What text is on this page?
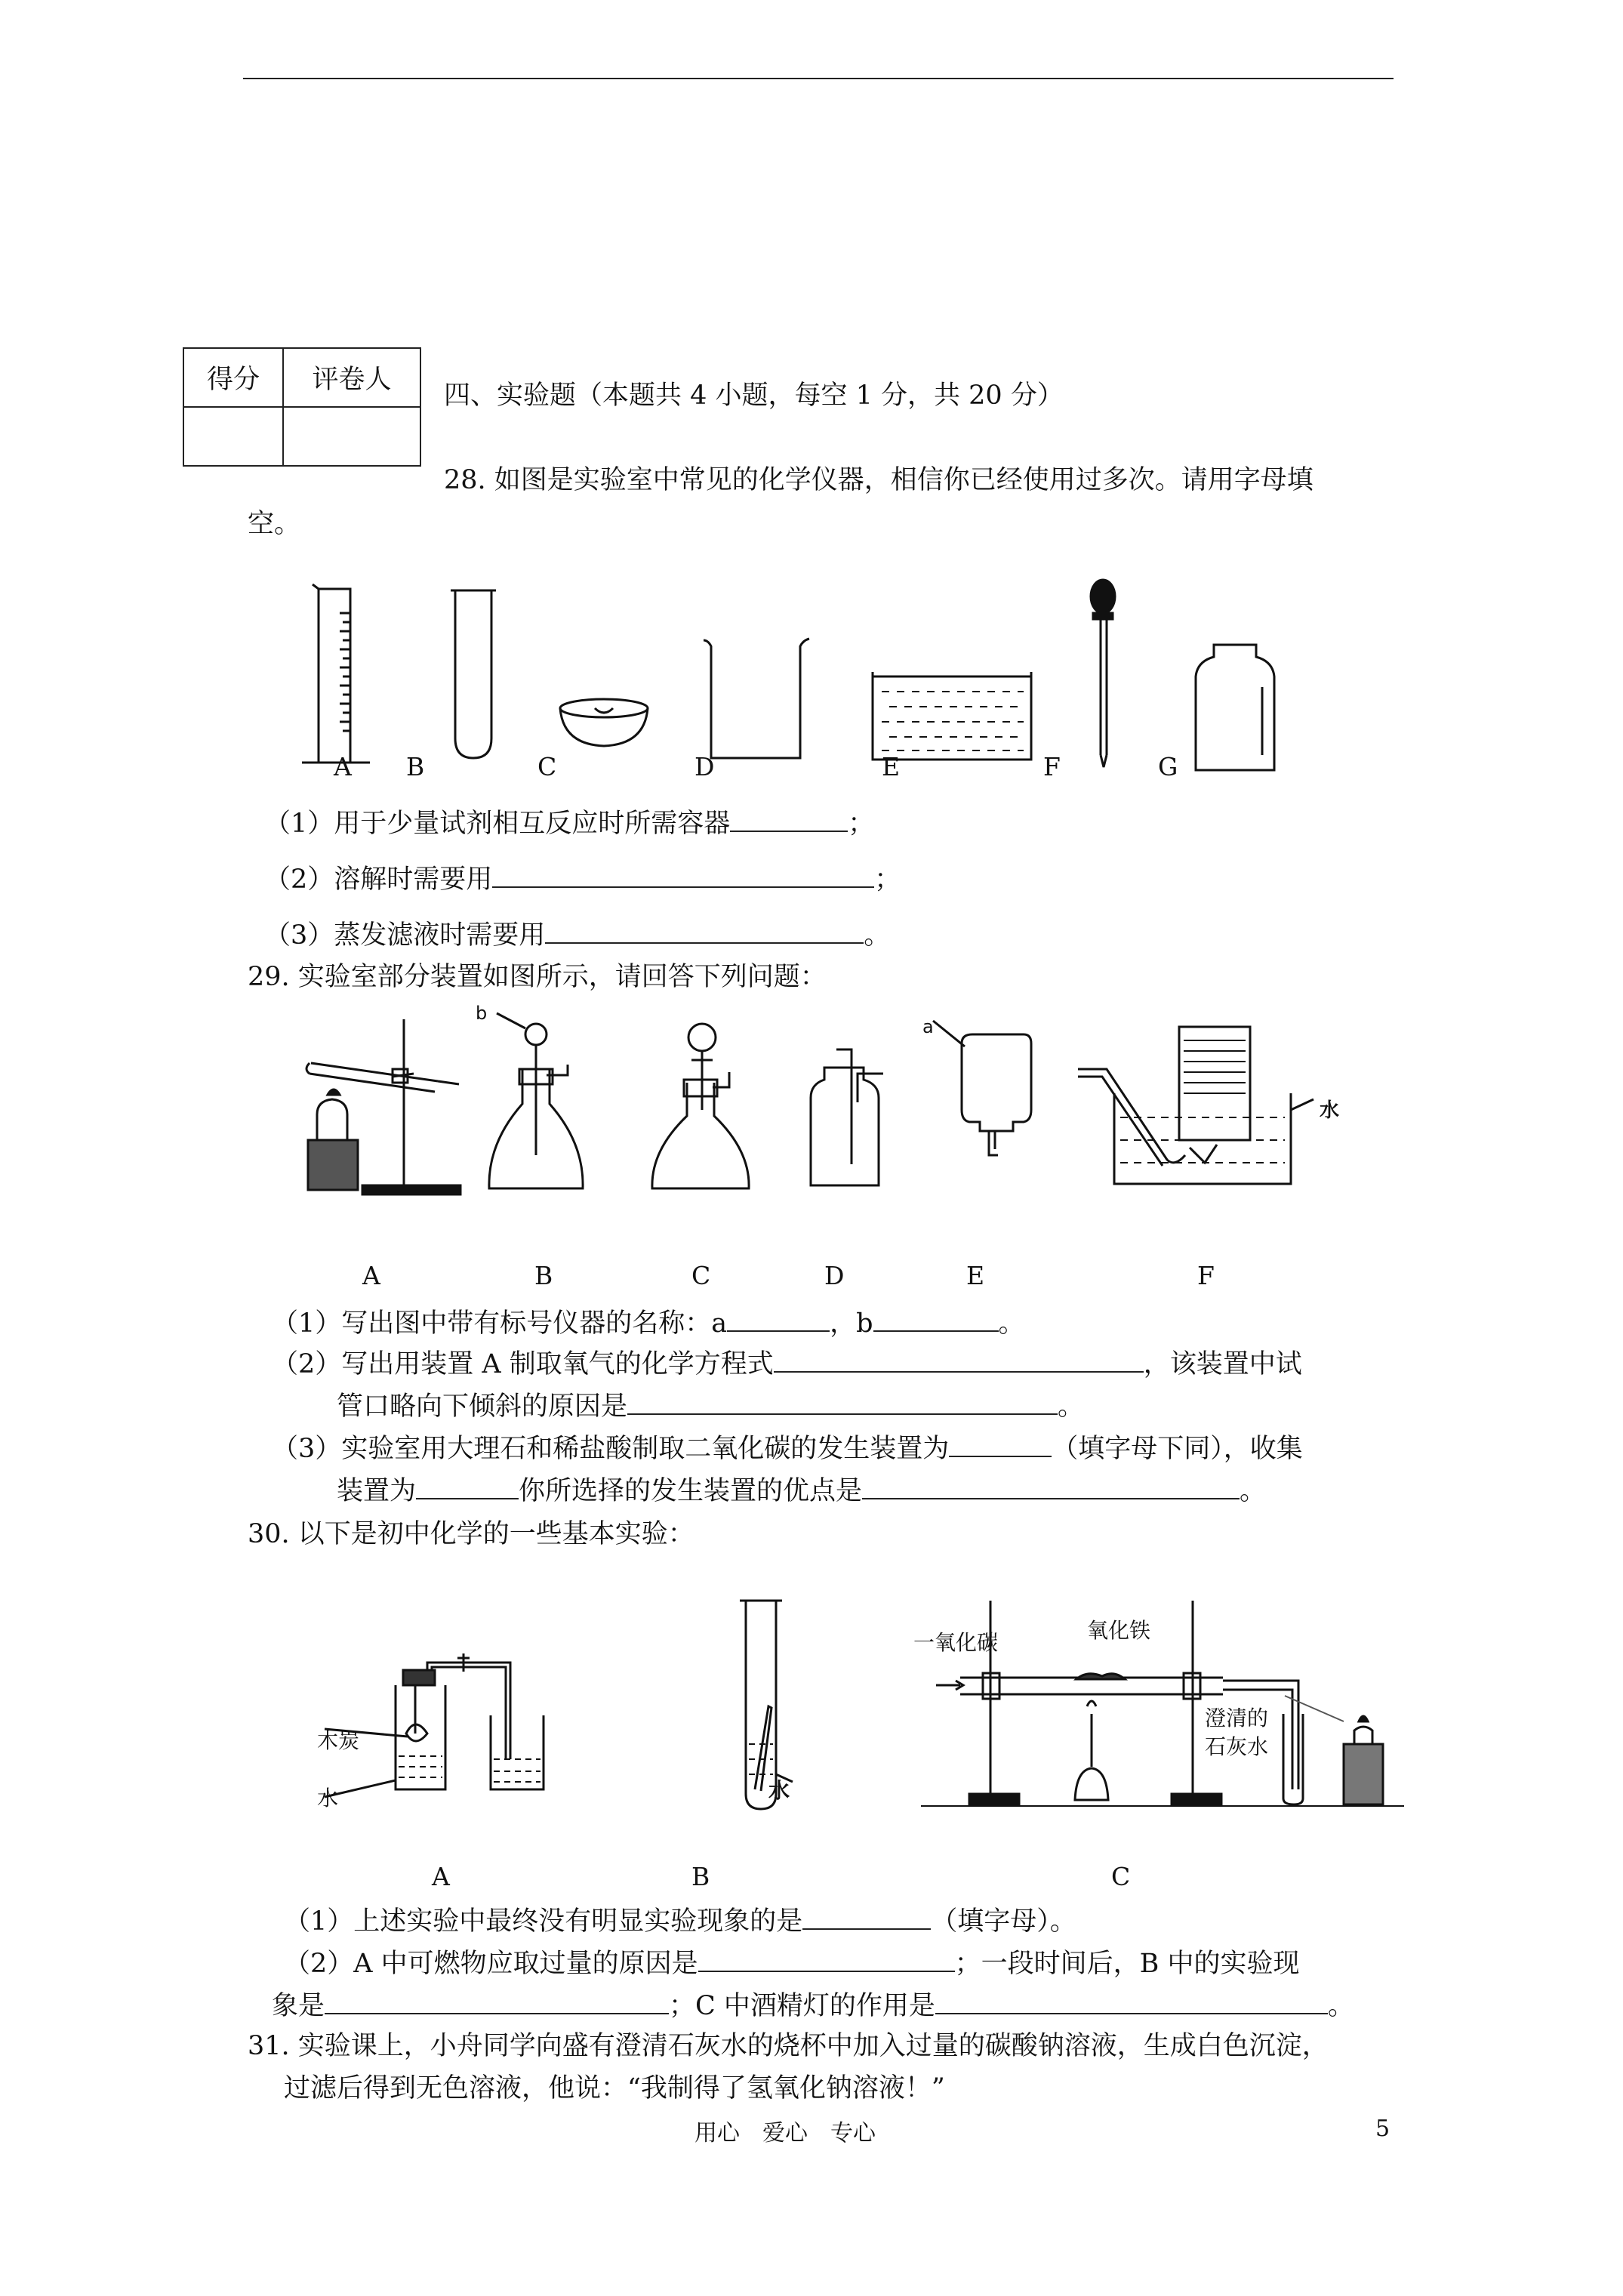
得分	评卷人

四、实验题（本题共 4 小题，每空 1 分，共 20 分）
28. 如图是实验室中常见的化学仪器，相信你已经使用过多次。请用字母填
空。
A B	C	D	E	F	G
（1）用于少量试剂相互反应时所需容器	；
（2）溶解时需要用	；
（3）蒸发滤液时需要用	。
29. 实验室部分装置如图所示，请回答下列问题：
b
a
水
A	B	C	D	E	F
（1）写出图中带有标号仪器的名称：a	，b	。
（2）写出用装置 A 制取氧气的化学方程式	，该装置中试
管口略向下倾斜的原因是	。
（3）实验室用大理石和稀盐酸制取二氧化碳的发生装置为	（填字母下同），收集
装置为	你所选择的发生装置的优点是	。
30. 以下是初中化学的一些基本实验：
木炭
水	水
一氧化碳	氧化铁
澄清的
石灰水
A	B	C
（1）上述实验中最终没有明显实验现象的是	（填字母）。
（2）A 中可燃物应取过量的原因是	；一段时间后，B 中的实验现
象是	；C 中酒精灯的作用是	。
31. 实验课上，小舟同学向盛有澄清石灰水的烧杯中加入过量的碳酸钠溶液，生成白色沉淀，
过滤后得到无色溶液，他说：“我制得了氢氧化钠溶液！”
用心　爱心　专心	5
